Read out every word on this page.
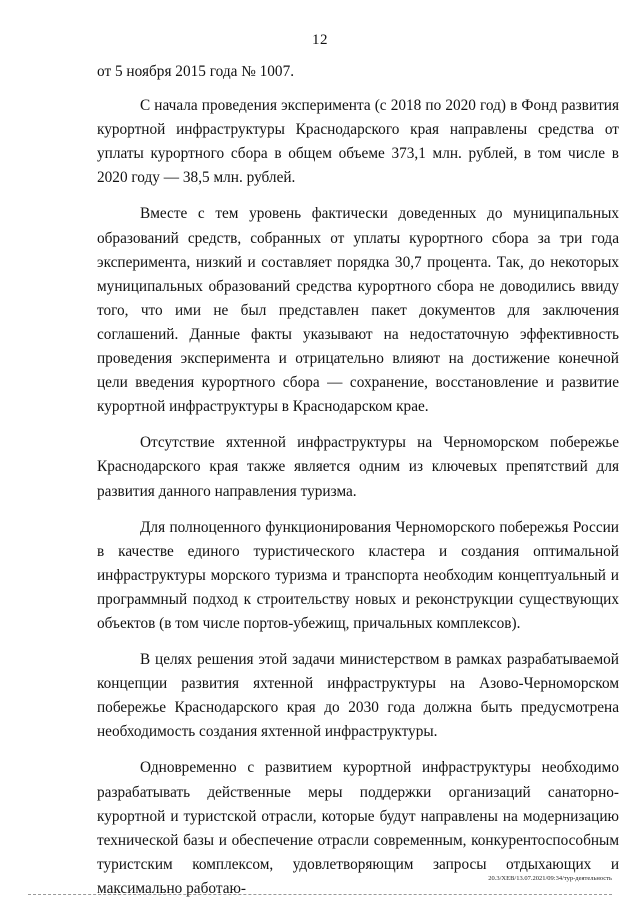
12

от 5 ноября 2015 года № 1007.

С начала проведения эксперимента (с 2018 по 2020 год) в Фонд развития курортной инфраструктуры Краснодарского края направлены средства от уплаты курортного сбора в общем объеме 373,1 млн. рублей, в том числе в 2020 году — 38,5 млн. рублей.

Вместе с тем уровень фактически доведенных до муниципальных образований средств, собранных от уплаты курортного сбора за три года эксперимента, низкий и составляет порядка 30,7 процента. Так, до некоторых муниципальных образований средства курортного сбора не доводились ввиду того, что ими не был представлен пакет документов для заключения соглашений. Данные факты указывают на недостаточную эффективность проведения эксперимента и отрицательно влияют на достижение конечной цели введения курортного сбора — сохранение, восстановление и развитие курортной инфраструктуры в Краснодарском крае.

Отсутствие яхтенной инфраструктуры на Черноморском побережье Краснодарского края также является одним из ключевых препятствий для развития данного направления туризма.

Для полноценного функционирования Черноморского побережья России в качестве единого туристического кластера и создания оптимальной инфраструктуры морского туризма и транспорта необходим концептуальный и программный подход к строительству новых и реконструкции существующих объектов (в том числе портов-убежищ, причальных комплексов).

В целях решения этой задачи министерством в рамках разрабатываемой концепции развития яхтенной инфраструктуры на Азово-Черноморском побережье Краснодарского края до 2030 года должна быть предусмотрена необходимость создания яхтенной инфраструктуры.

Одновременно с развитием курортной инфраструктуры необходимо разрабатывать действенные меры поддержки организаций санаторно-курортной и туристской отрасли, которые будут направлены на модернизацию технической базы и обеспечение отрасли современным, конкурентоспособным туристским комплексом, удовлетворяющим запросы отдыхающих и максимально работаю-

20.3/ХЕВ/13.07.2021/09:34/тур-деятельность
